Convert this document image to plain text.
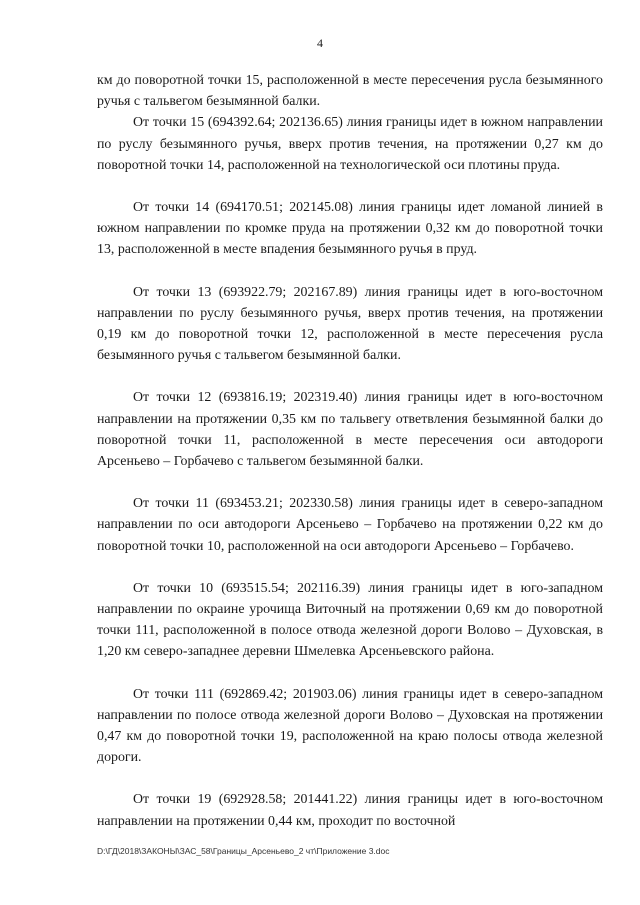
4

км до поворотной точки 15, расположенной в месте пересечения русла безымянного ручья с тальвегом безымянной балки.

От точки 15 (694392.64; 202136.65) линия границы идет в южном направлении по руслу безымянного ручья, вверх против течения, на протяжении 0,27 км до поворотной точки 14, расположенной на технологической оси плотины пруда.

От точки 14 (694170.51; 202145.08) линия границы идет ломаной линией в южном направлении по кромке пруда на протяжении 0,32 км до поворотной точки 13, расположенной в месте впадения безымянного ручья в пруд.

От точки 13 (693922.79; 202167.89) линия границы идет в юго-восточном направлении по руслу безымянного ручья, вверх против течения, на протяжении 0,19 км до поворотной точки 12, расположенной в месте пересечения русла безымянного ручья с тальвегом безымянной балки.

От точки 12 (693816.19; 202319.40) линия границы идет в юго-восточном направлении на протяжении 0,35 км по тальвегу ответвления безымянной балки до поворотной точки 11, расположенной в месте пересечения оси автодороги Арсеньево – Горбачево с тальвегом безымянной балки.

От точки 11 (693453.21; 202330.58) линия границы идет в северо-западном направлении по оси автодороги Арсеньево – Горбачево на протяжении 0,22 км до поворотной точки 10, расположенной на оси автодороги Арсеньево – Горбачево.

От точки 10 (693515.54; 202116.39) линия границы идет в юго-западном направлении по окраине урочища Виточный на протяжении 0,69 км до поворотной точки 111, расположенной в полосе отвода железной дороги Волово – Духовская, в 1,20 км северо-западнее деревни Шмелевка Арсеньевского района.

От точки 111 (692869.42; 201903.06) линия границы идет в северо-западном направлении по полосе отвода железной дороги Волово – Духовская на протяжении 0,47 км до поворотной точки 19, расположенной на краю полосы отвода железной дороги.

От точки 19 (692928.58; 201441.22) линия границы идет в юго-восточном направлении на протяжении 0,44 км, проходит по восточной

D:\ГД\2018\ЗАКОНЫ\ЗАС_58\Границы_Арсеньево_2 чт\Приложение 3.doc
